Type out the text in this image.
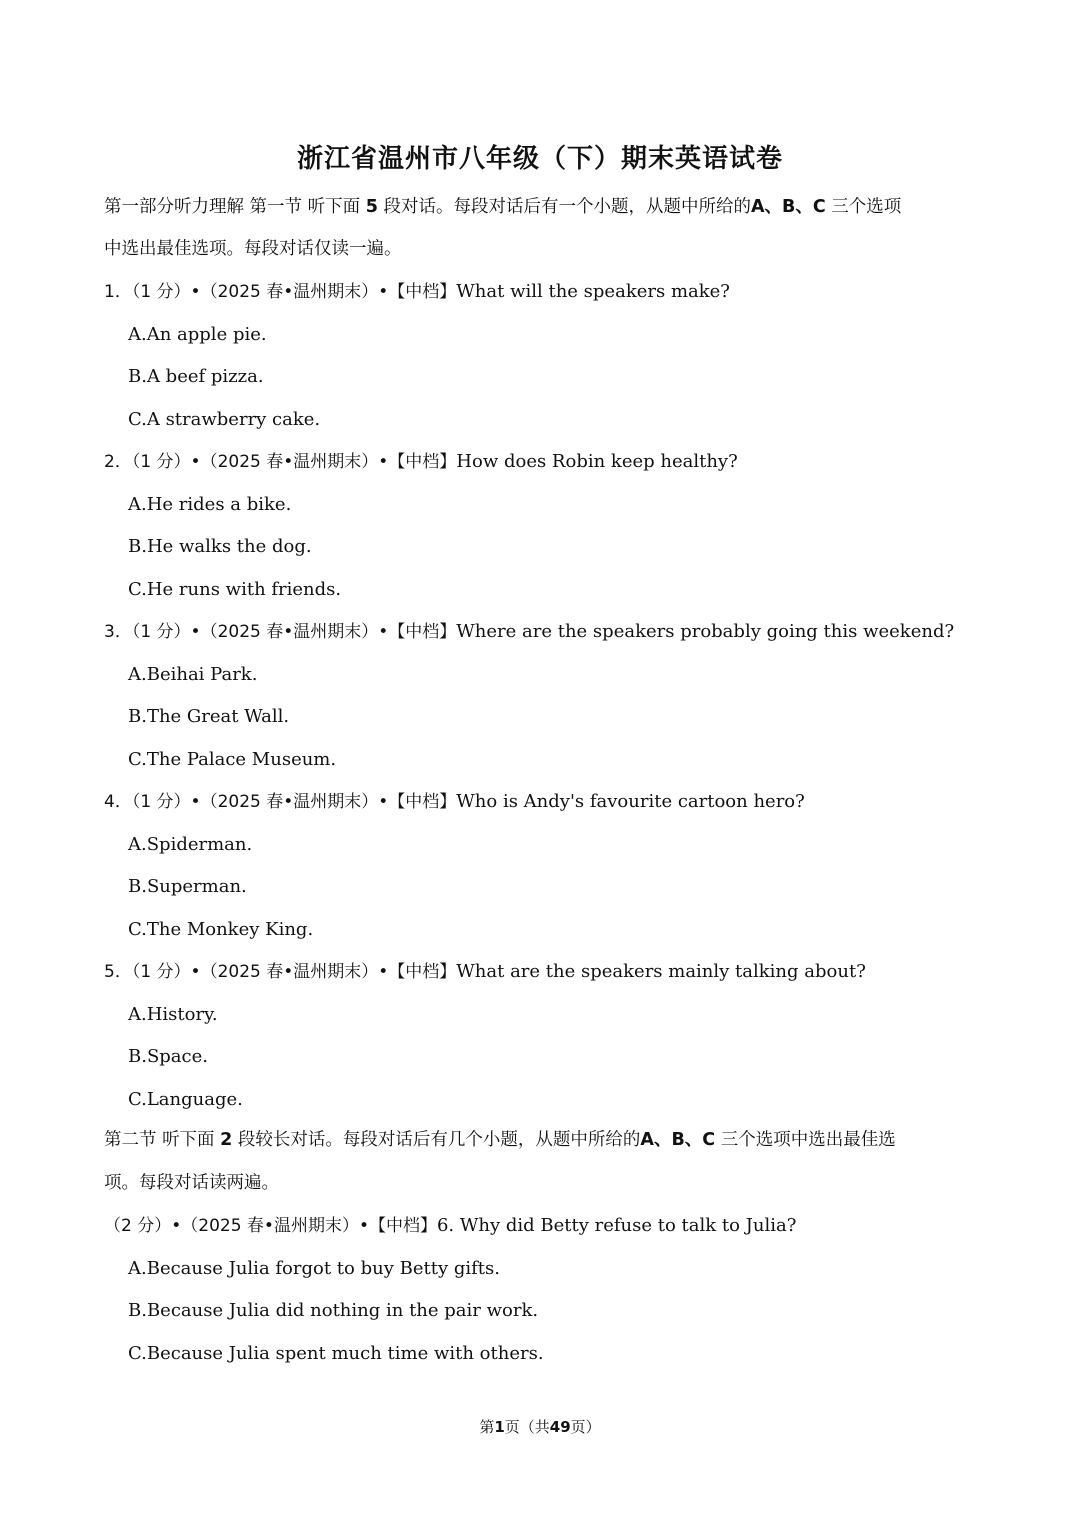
浙江省温州市八年级（下）期末英语试卷

第一部分听力理解 第一节 听下面 5 段对话。每段对话后有一个小题，从题中所给的A、B、C 三个选项

中选出最佳选项。每段对话仅读一遍。

1．（1 分）•（2025 春•温州期末）•【中档】What will the speakers make?

A.An apple pie.

B.A beef pizza.

C.A strawberry cake.

2．（1 分）•（2025 春•温州期末）•【中档】How does Robin keep healthy?

A.He rides a bike.

B.He walks the dog.

C.He runs with friends.

3．（1 分）•（2025 春•温州期末）•【中档】Where are the speakers probably going this weekend?

A.Beihai Park.

B.The Great Wall.

C.The Palace Museum.

4．（1 分）•（2025 春•温州期末）•【中档】Who is Andy's favourite cartoon hero?

A.Spiderman.

B.Superman.

C.The Monkey King.

5．（1 分）•（2025 春•温州期末）•【中档】What are the speakers mainly talking about?

A.History.

B.Space.

C.Language.

第二节 听下面 2 段较长对话。每段对话后有几个小题，从题中所给的A、B、C 三个选项中选出最佳选

项。每段对话读两遍。

（2 分）•（2025 春•温州期末）•【中档】6. Why did Betty refuse to talk to Julia?

A.Because Julia forgot to buy Betty gifts.

B.Because Julia did nothing in the pair work.

C.Because Julia spent much time with others.

第1页（共49页）
